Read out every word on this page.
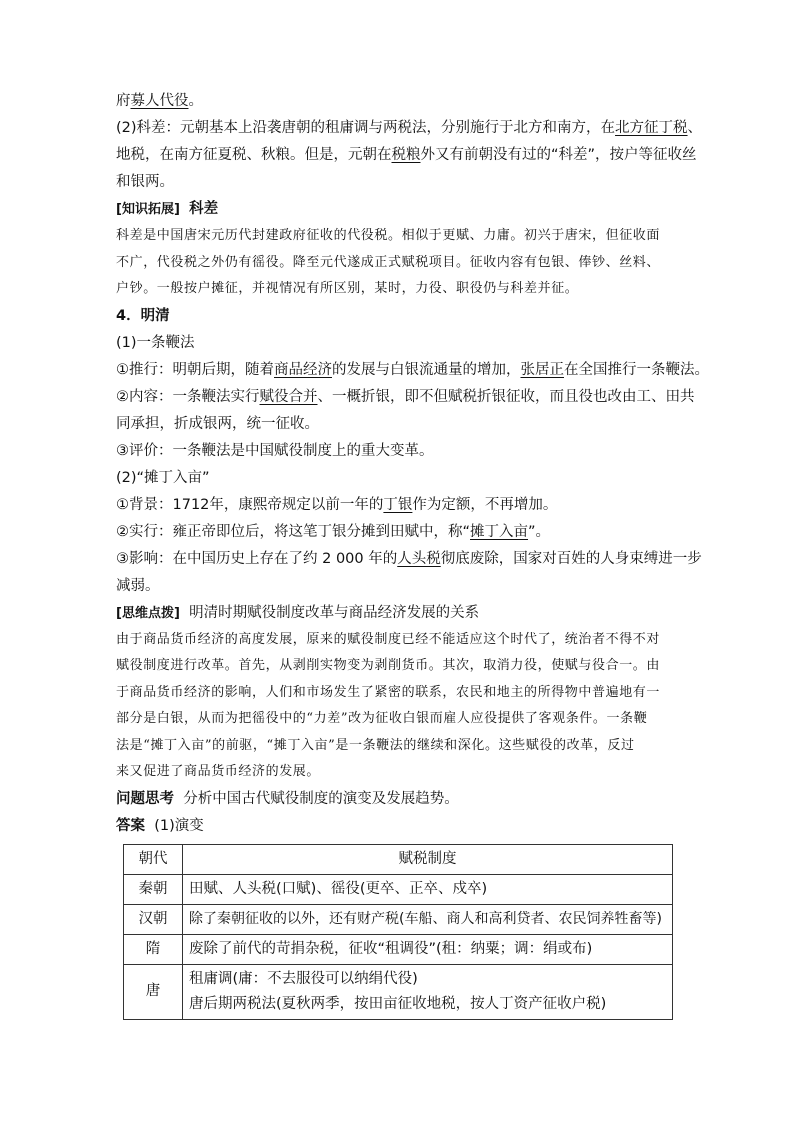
府募人代役。
(2)科差：元朝基本上沿袭唐朝的租庸调与两税法，分别施行于北方和南方，在北方征丁税、
地税，在南方征夏税、秋粮。但是，元朝在税粮外又有前朝没有过的“科差”，按户等征收丝
和银两。
[知识拓展] 科差
科差是中国唐宋元历代封建政府征收的代役税。相似于更赋、力庸。初兴于唐宋，但征收面
不广，代役税之外仍有徭役。降至元代遂成正式赋税项目。征收内容有包银、俸钞、丝料、
户钞。一般按户摊征，并视情况有所区别，某时，力役、职役仍与科差并征。
4．明清
(1)一条鞭法
①推行：明朝后期，随着商品经济的发展与白银流通量的增加，张居正在全国推行一条鞭法。
②内容：一条鞭法实行赋役合并、一概折银，即不但赋税折银征收，而且役也改由工、田共
同承担，折成银两，统一征收。
③评价：一条鞭法是中国赋役制度上的重大变革。
(2)“摊丁入亩”
①背景：1712年，康熙帝规定以前一年的丁银作为定额，不再增加。
②实行：雍正帝即位后，将这笔丁银分摊到田赋中，称“摊丁入亩”。
③影响：在中国历史上存在了约 2 000 年的人头税彻底废除，国家对百姓的人身束缚进一步
减弱。
[思维点拨] 明清时期赋役制度改革与商品经济发展的关系
由于商品货币经济的高度发展，原来的赋役制度已经不能适应这个时代了，统治者不得不对
赋役制度进行改革。首先，从剥削实物变为剥削货币。其次，取消力役，使赋与役合一。由
于商品货币经济的影响，人们和市场发生了紧密的联系，农民和地主的所得物中普遍地有一
部分是白银，从而为把徭役中的“力差”改为征收白银而雇人应役提供了客观条件。一条鞭
法是“摊丁入亩”的前驱，“摊丁入亩”是一条鞭法的继续和深化。这些赋役的改革，反过
来又促进了商品货币经济的发展。
问题思考 分析中国古代赋役制度的演变及发展趋势。
答案 (1)演变
朝代	赋税制度
秦朝	田赋、人头税(口赋)、徭役(更卒、正卒、戍卒)
汉朝	除了秦朝征收的以外，还有财产税(车船、商人和高利贷者、农民饲养牲畜等)
隋	废除了前代的苛捐杂税，征收“租调役”(租：纳粟；调：绢或布)
唐	租庸调(庸：不去服役可以纳绢代役)
唐后期两税法(夏秋两季，按田亩征收地税，按人丁资产征收户税)
